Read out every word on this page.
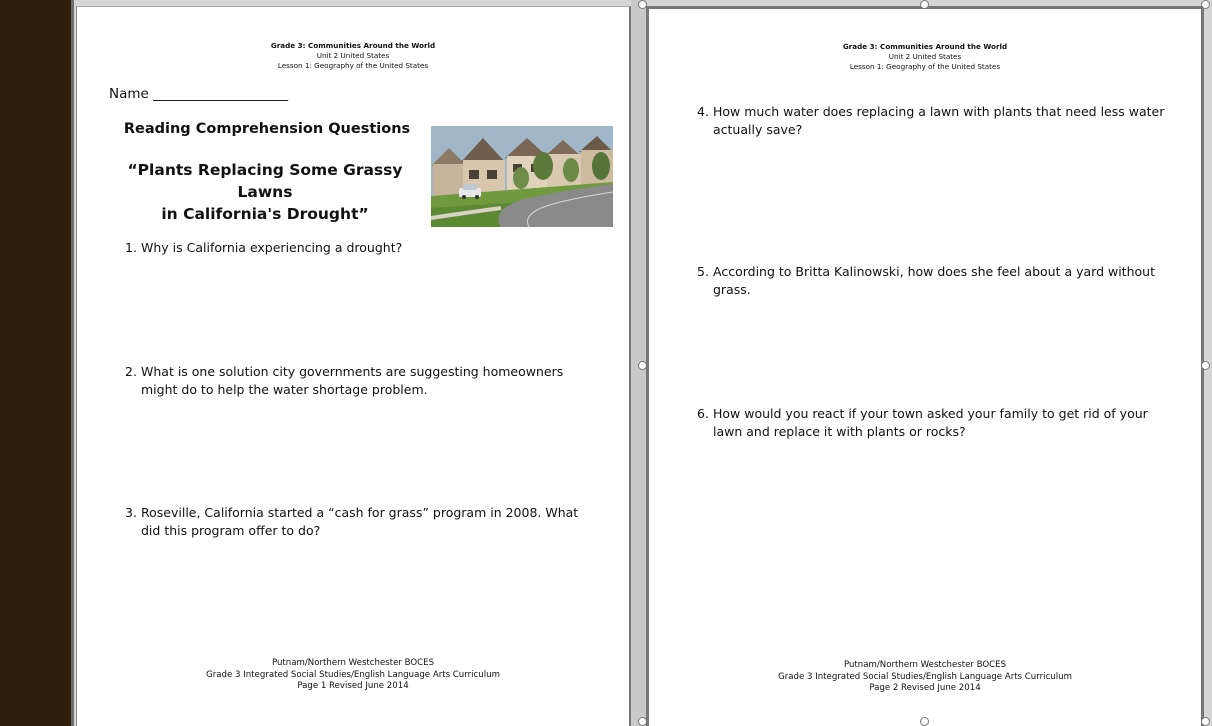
Grade 3: Communities Around the World
Unit 2 United States
Lesson 1: Geography of the United States
Name ____________________
Reading Comprehension Questions
“Plants Replacing Some Grassy Lawns
in California's Drought”
1. Why is California experiencing a drought?
2. What is one solution city governments are suggesting homeowners might do to help the water shortage problem.
3. Roseville, California started a “cash for grass” program in 2008. What did this program offer to do?
Putnam/Northern Westchester BOCES
Grade 3 Integrated Social Studies/English Language Arts Curriculum
Page 1 Revised June 2014
Grade 3: Communities Around the World
Unit 2 United States
Lesson 1: Geography of the United States
4. How much water does replacing a lawn with plants that need less water actually save?
5. According to Britta Kalinowski, how does she feel about a yard without grass.
6. How would you react if your town asked your family to get rid of your lawn and replace it with plants or rocks?
Putnam/Northern Westchester BOCES
Grade 3 Integrated Social Studies/English Language Arts Curriculum
Page 2 Revised June 2014
